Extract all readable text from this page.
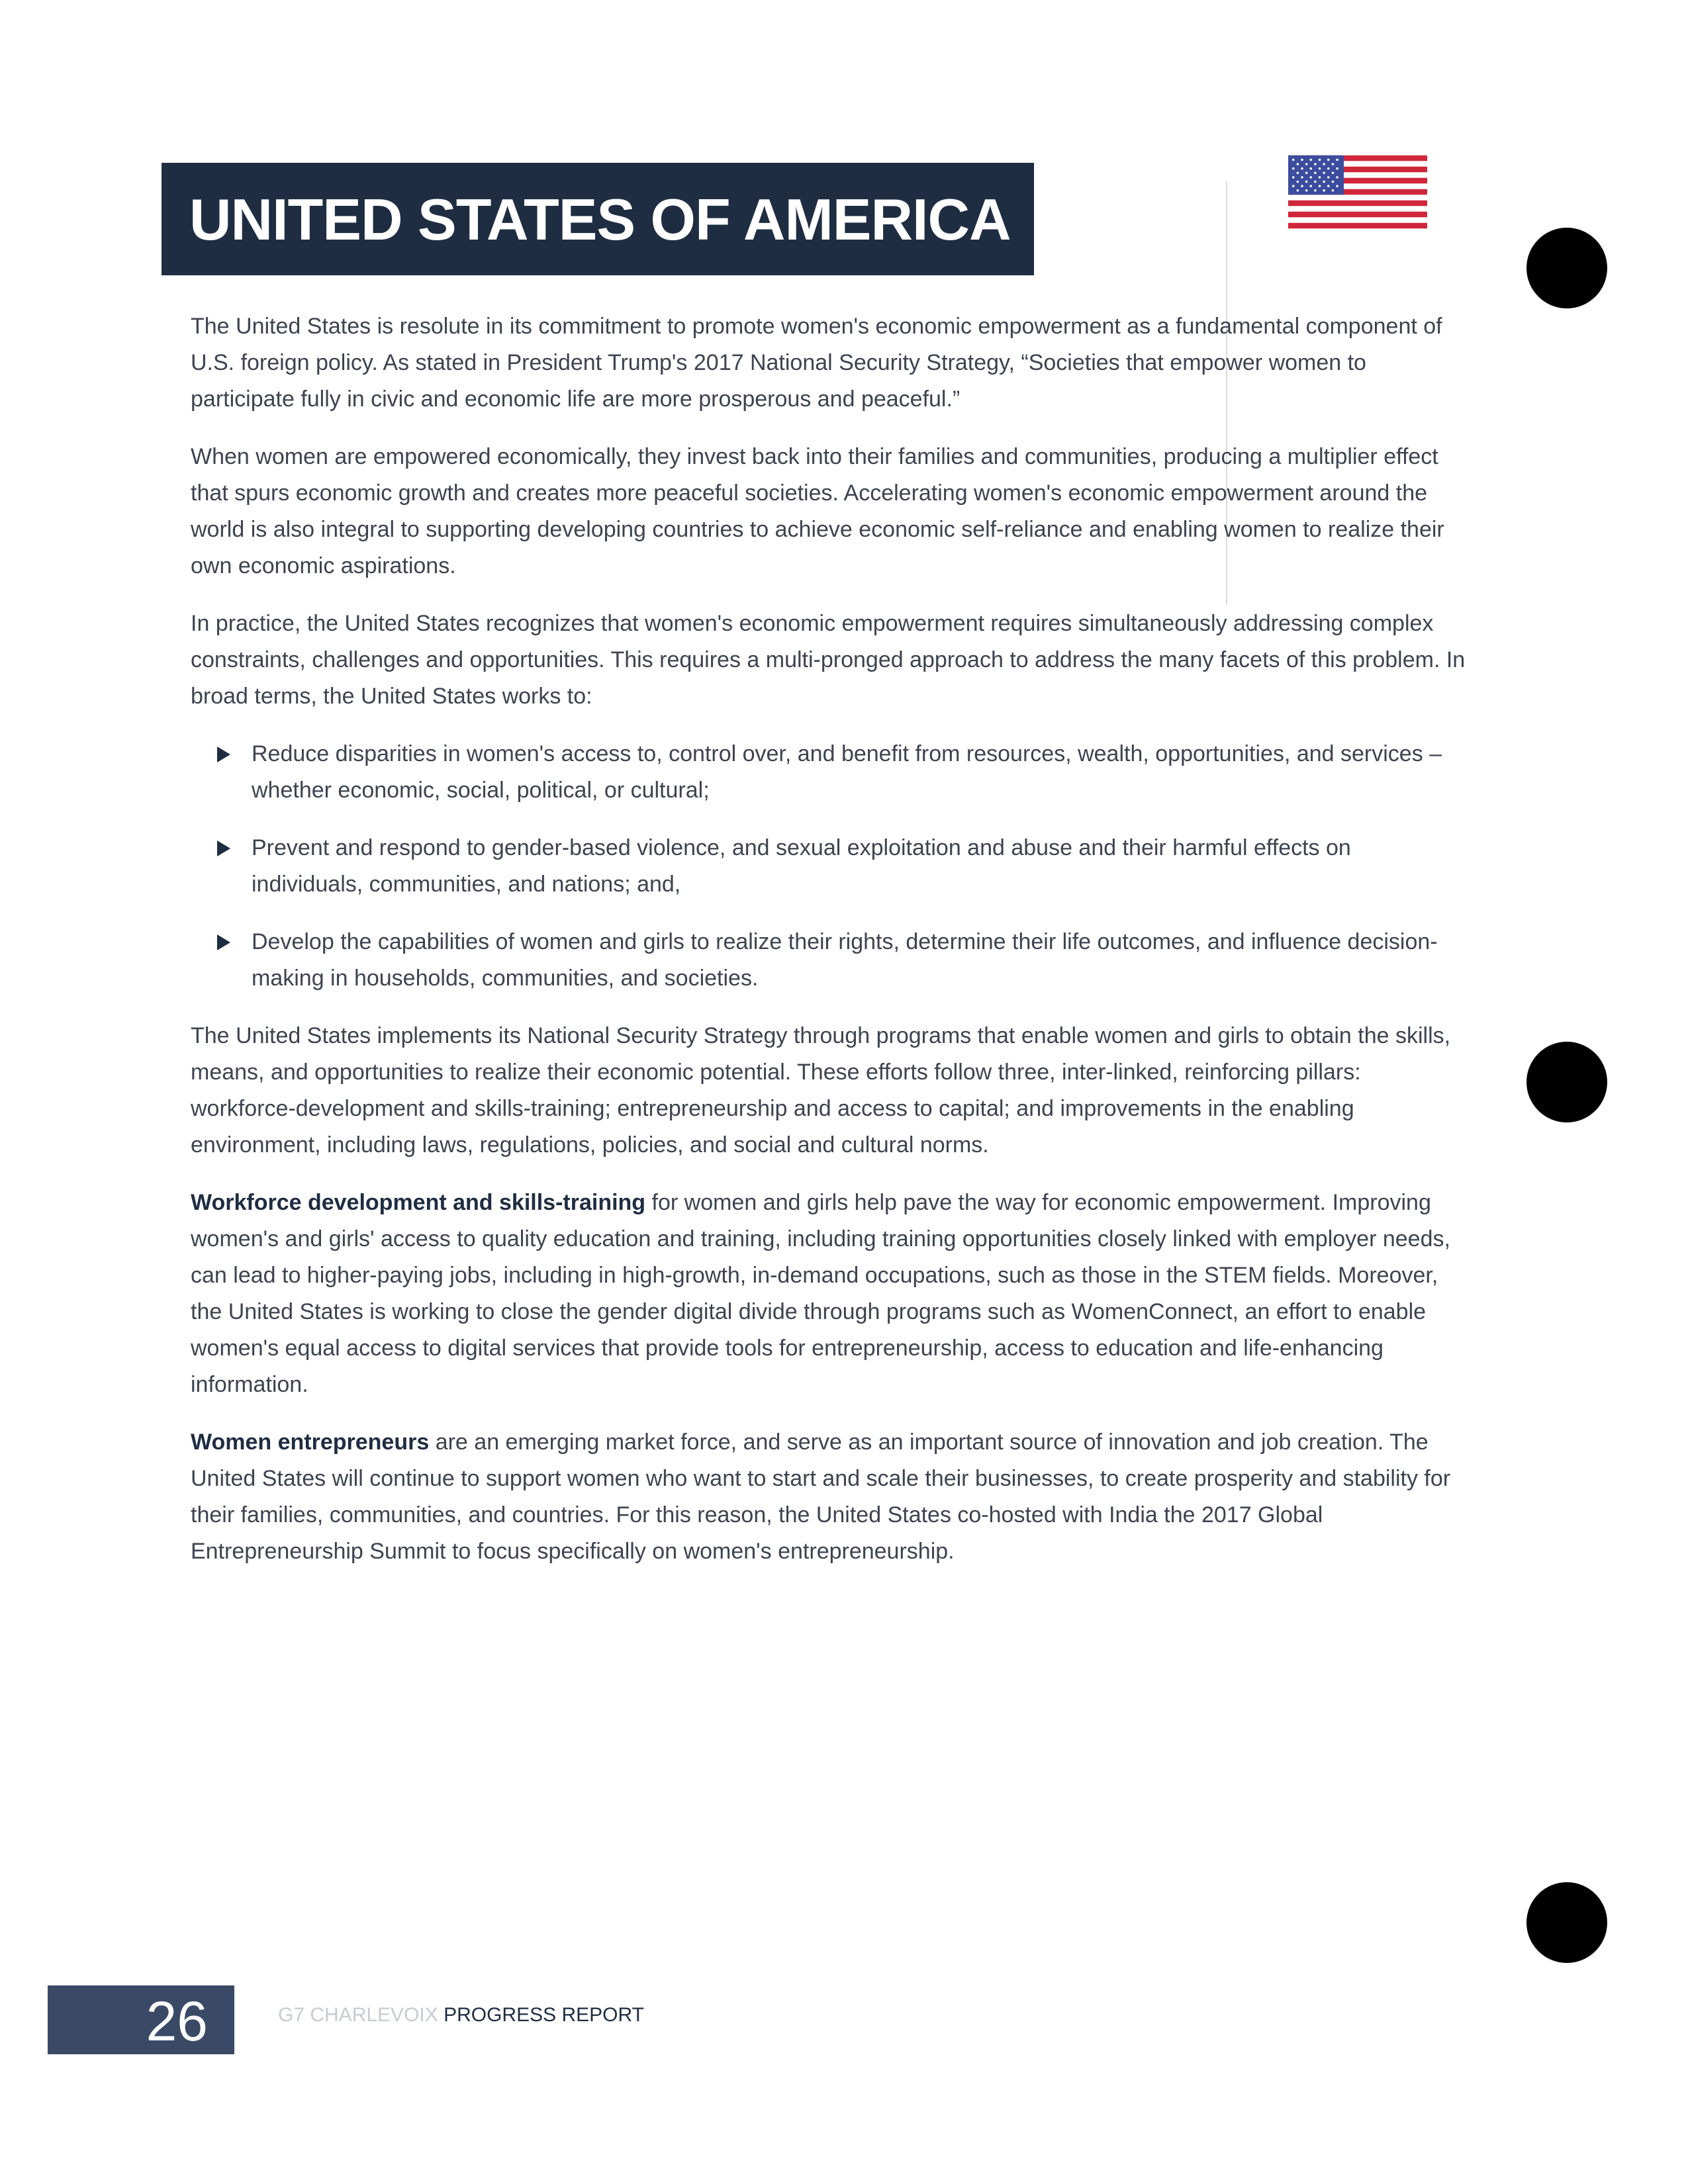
UNITED STATES OF AMERICA

The United States is resolute in its commitment to promote women's economic empowerment as a fundamental component of U.S. foreign policy. As stated in President Trump's 2017 National Security Strategy, “Societies that empower women to participate fully in civic and economic life are more prosperous and peaceful.”

When women are empowered economically, they invest back into their families and communities, producing a multiplier effect that spurs economic growth and creates more peaceful societies. Accelerating women's economic empowerment around the world is also integral to supporting developing countries to achieve economic self-reliance and enabling women to realize their own economic aspirations.

In practice, the United States recognizes that women's economic empowerment requires simultaneously addressing complex constraints, challenges and opportunities. This requires a multi-pronged approach to address the many facets of this problem. In broad terms, the United States works to:

Reduce disparities in women's access to, control over, and benefit from resources, wealth, opportunities, and services – whether economic, social, political, or cultural;
Prevent and respond to gender-based violence, and sexual exploitation and abuse and their harmful effects on individuals, communities, and nations; and,
Develop the capabilities of women and girls to realize their rights, determine their life outcomes, and influence decision-making in households, communities, and societies.

The United States implements its National Security Strategy through programs that enable women and girls to obtain the skills, means, and opportunities to realize their economic potential. These efforts follow three, inter-linked, reinforcing pillars: workforce-development and skills-training; entrepreneurship and access to capital; and improvements in the enabling environment, including laws, regulations, policies, and social and cultural norms.

Workforce development and skills-training for women and girls help pave the way for economic empowerment. Improving women's and girls' access to quality education and training, including training opportunities closely linked with employer needs, can lead to higher-paying jobs, including in high-growth, in-demand occupations, such as those in the STEM fields. Moreover, the United States is working to close the gender digital divide through programs such as WomenConnect, an effort to enable women's equal access to digital services that provide tools for entrepreneurship, access to education and life-enhancing information.

Women entrepreneurs are an emerging market force, and serve as an important source of innovation and job creation. The United States will continue to support women who want to start and scale their businesses, to create prosperity and stability for their families, communities, and countries. For this reason, the United States co-hosted with India the 2017 Global Entrepreneurship Summit to focus specifically on women's entrepreneurship.

26	G7 CHARLEVOIX PROGRESS REPORT
